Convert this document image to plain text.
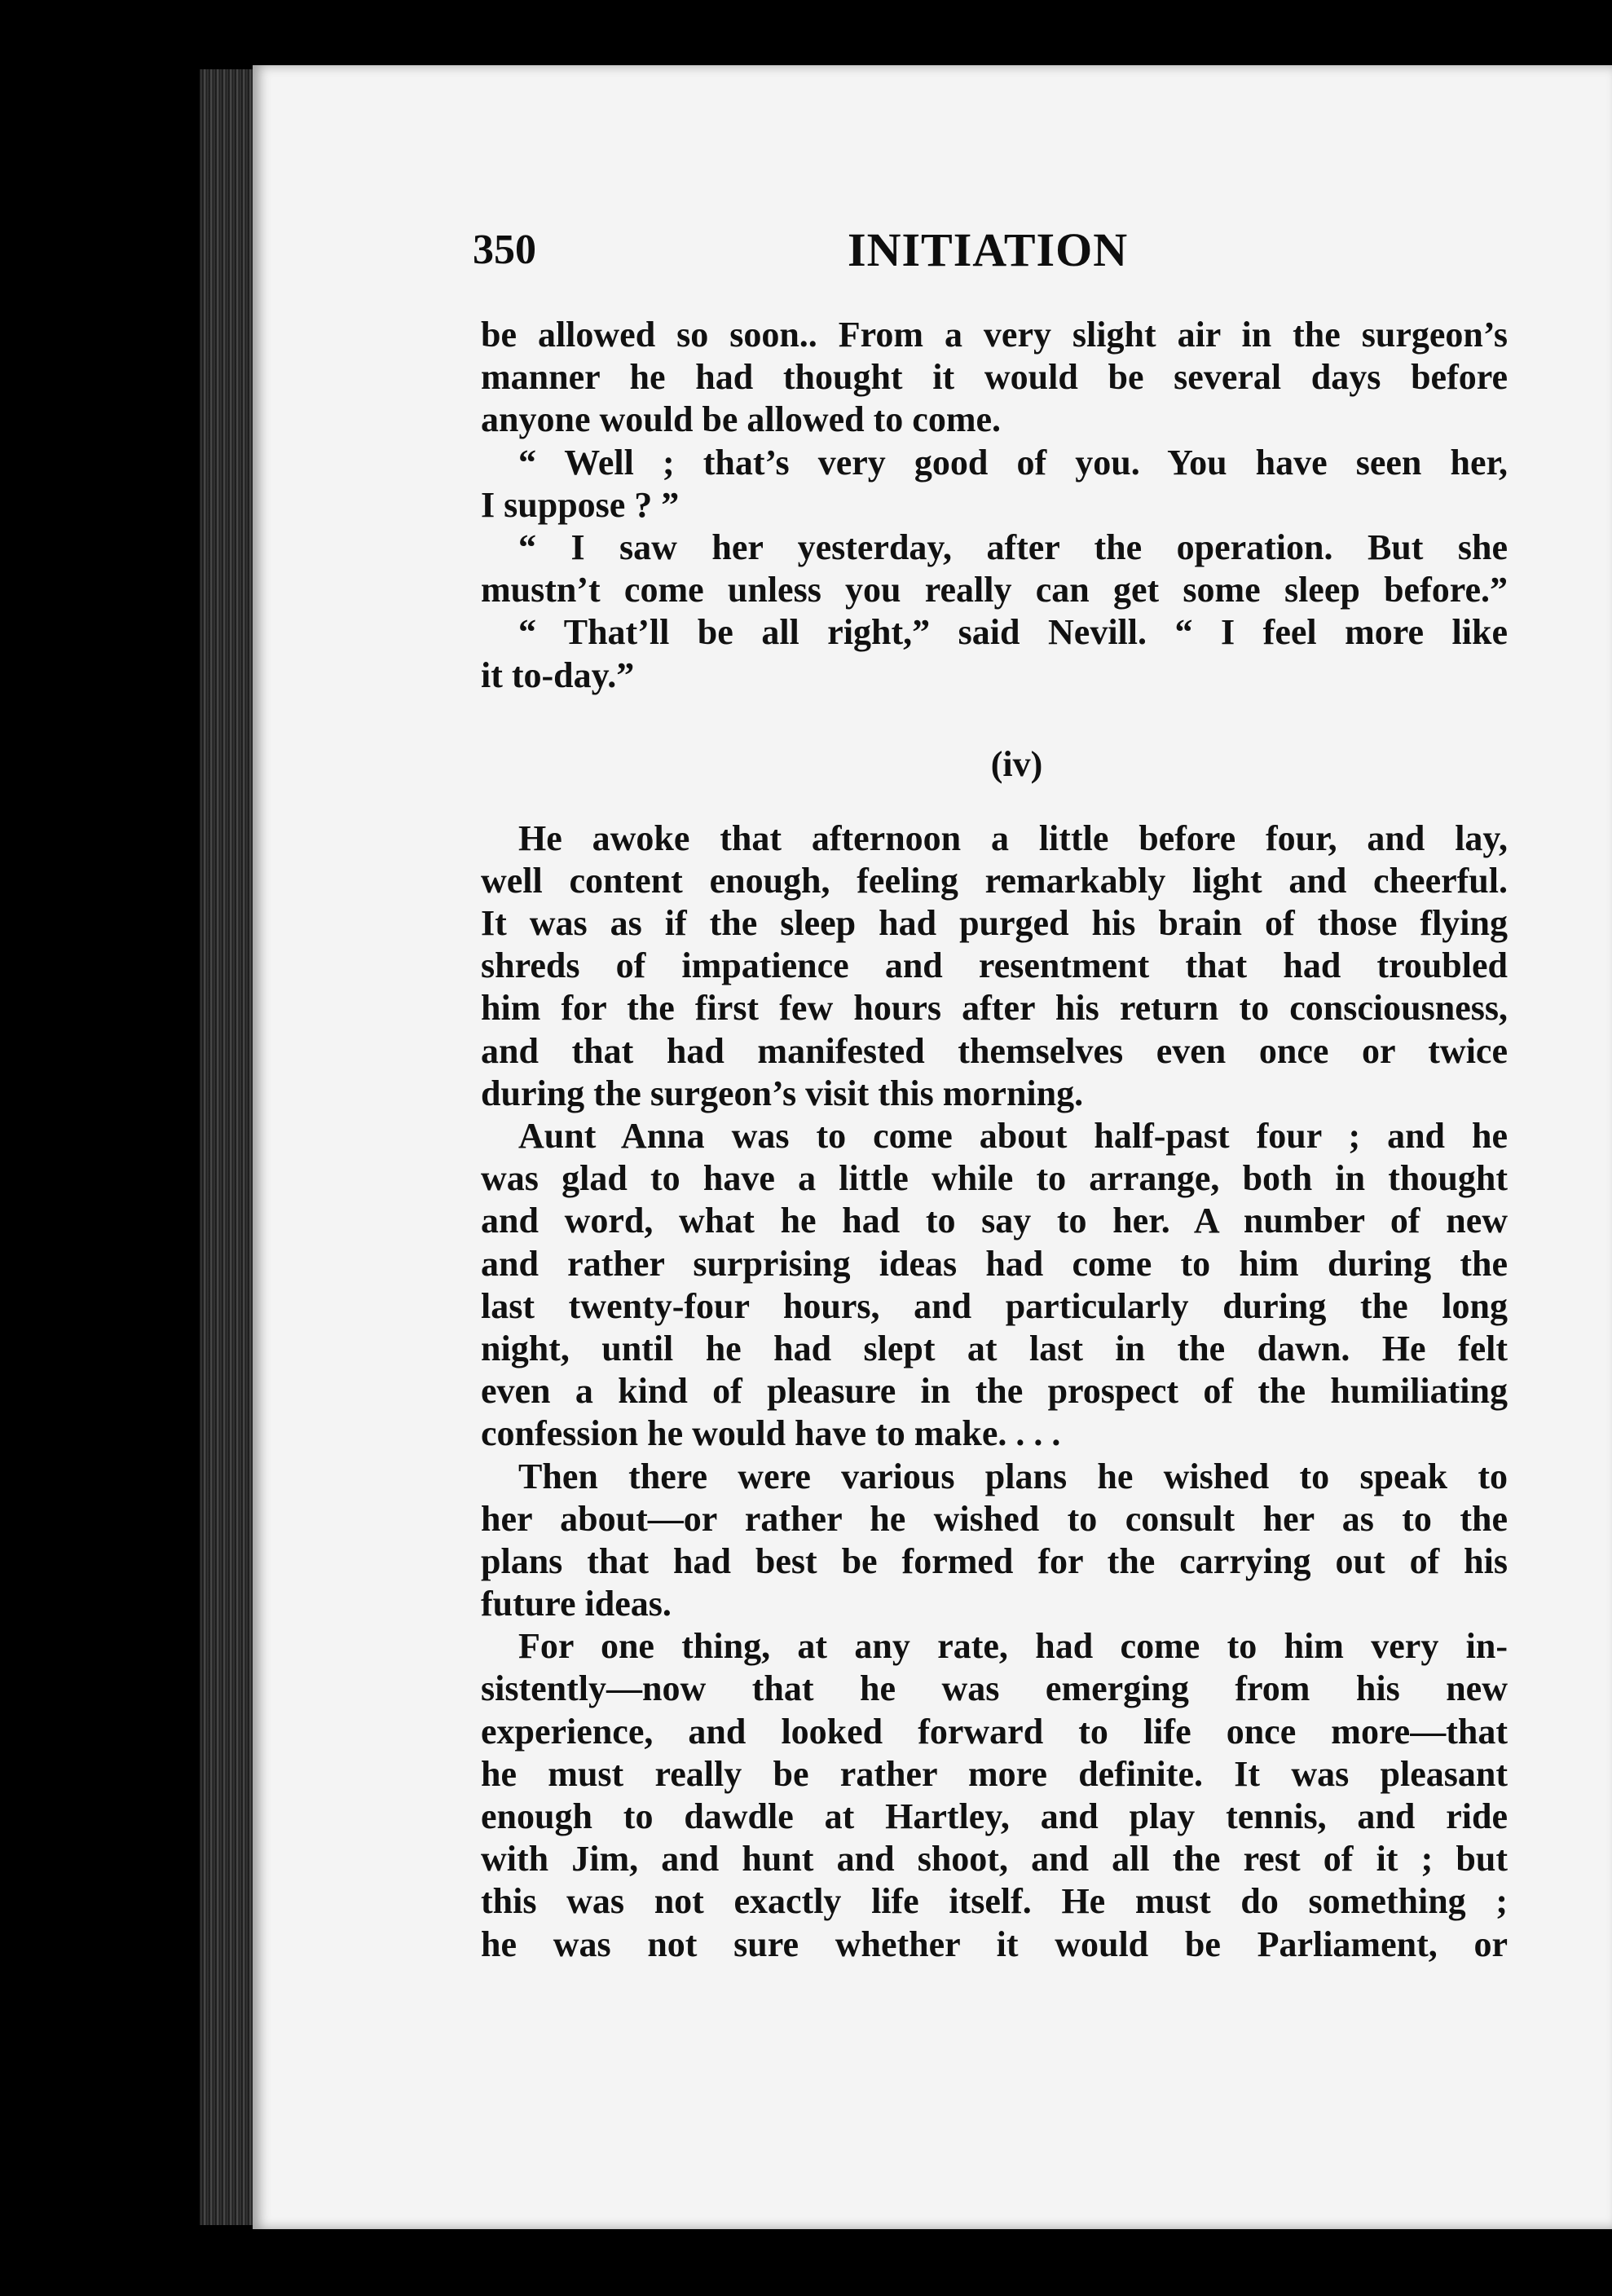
350	INITIATION
be allowed so soon.. From a very slight air in the surgeon’s
manner he had thought it would be several days before
anyone would be allowed to come.
“ Well ; that’s very good of you. You have seen her,
I suppose ? ”
“ I saw her yesterday, after the operation. But she
mustn’t come unless you really can get some sleep before.”
“ That’ll be all right,” said Nevill. “ I feel more like
it to-day.”
(iv)
He awoke that afternoon a little before four, and lay,
well content enough, feeling remarkably light and cheerful.
It was as if the sleep had purged his brain of those flying
shreds of impatience and resentment that had troubled
him for the first few hours after his return to consciousness,
and that had manifested themselves even once or twice
during the surgeon’s visit this morning.
Aunt Anna was to come about half-past four ; and he
was glad to have a little while to arrange, both in thought
and word, what he had to say to her. A number of new
and rather surprising ideas had come to him during the
last twenty-four hours, and particularly during the long
night, until he had slept at last in the dawn. He felt
even a kind of pleasure in the prospect of the humiliating
confession he would have to make. . . .
Then there were various plans he wished to speak to
her about—or rather he wished to consult her as to the
plans that had best be formed for the carrying out of his
future ideas.
For one thing, at any rate, had come to him very in-
sistently—now that he was emerging from his new
experience, and looked forward to life once more—that
he must really be rather more definite. It was pleasant
enough to dawdle at Hartley, and play tennis, and ride
with Jim, and hunt and shoot, and all the rest of it ; but
this was not exactly life itself. He must do something ;
he was not sure whether it would be Parliament, or
